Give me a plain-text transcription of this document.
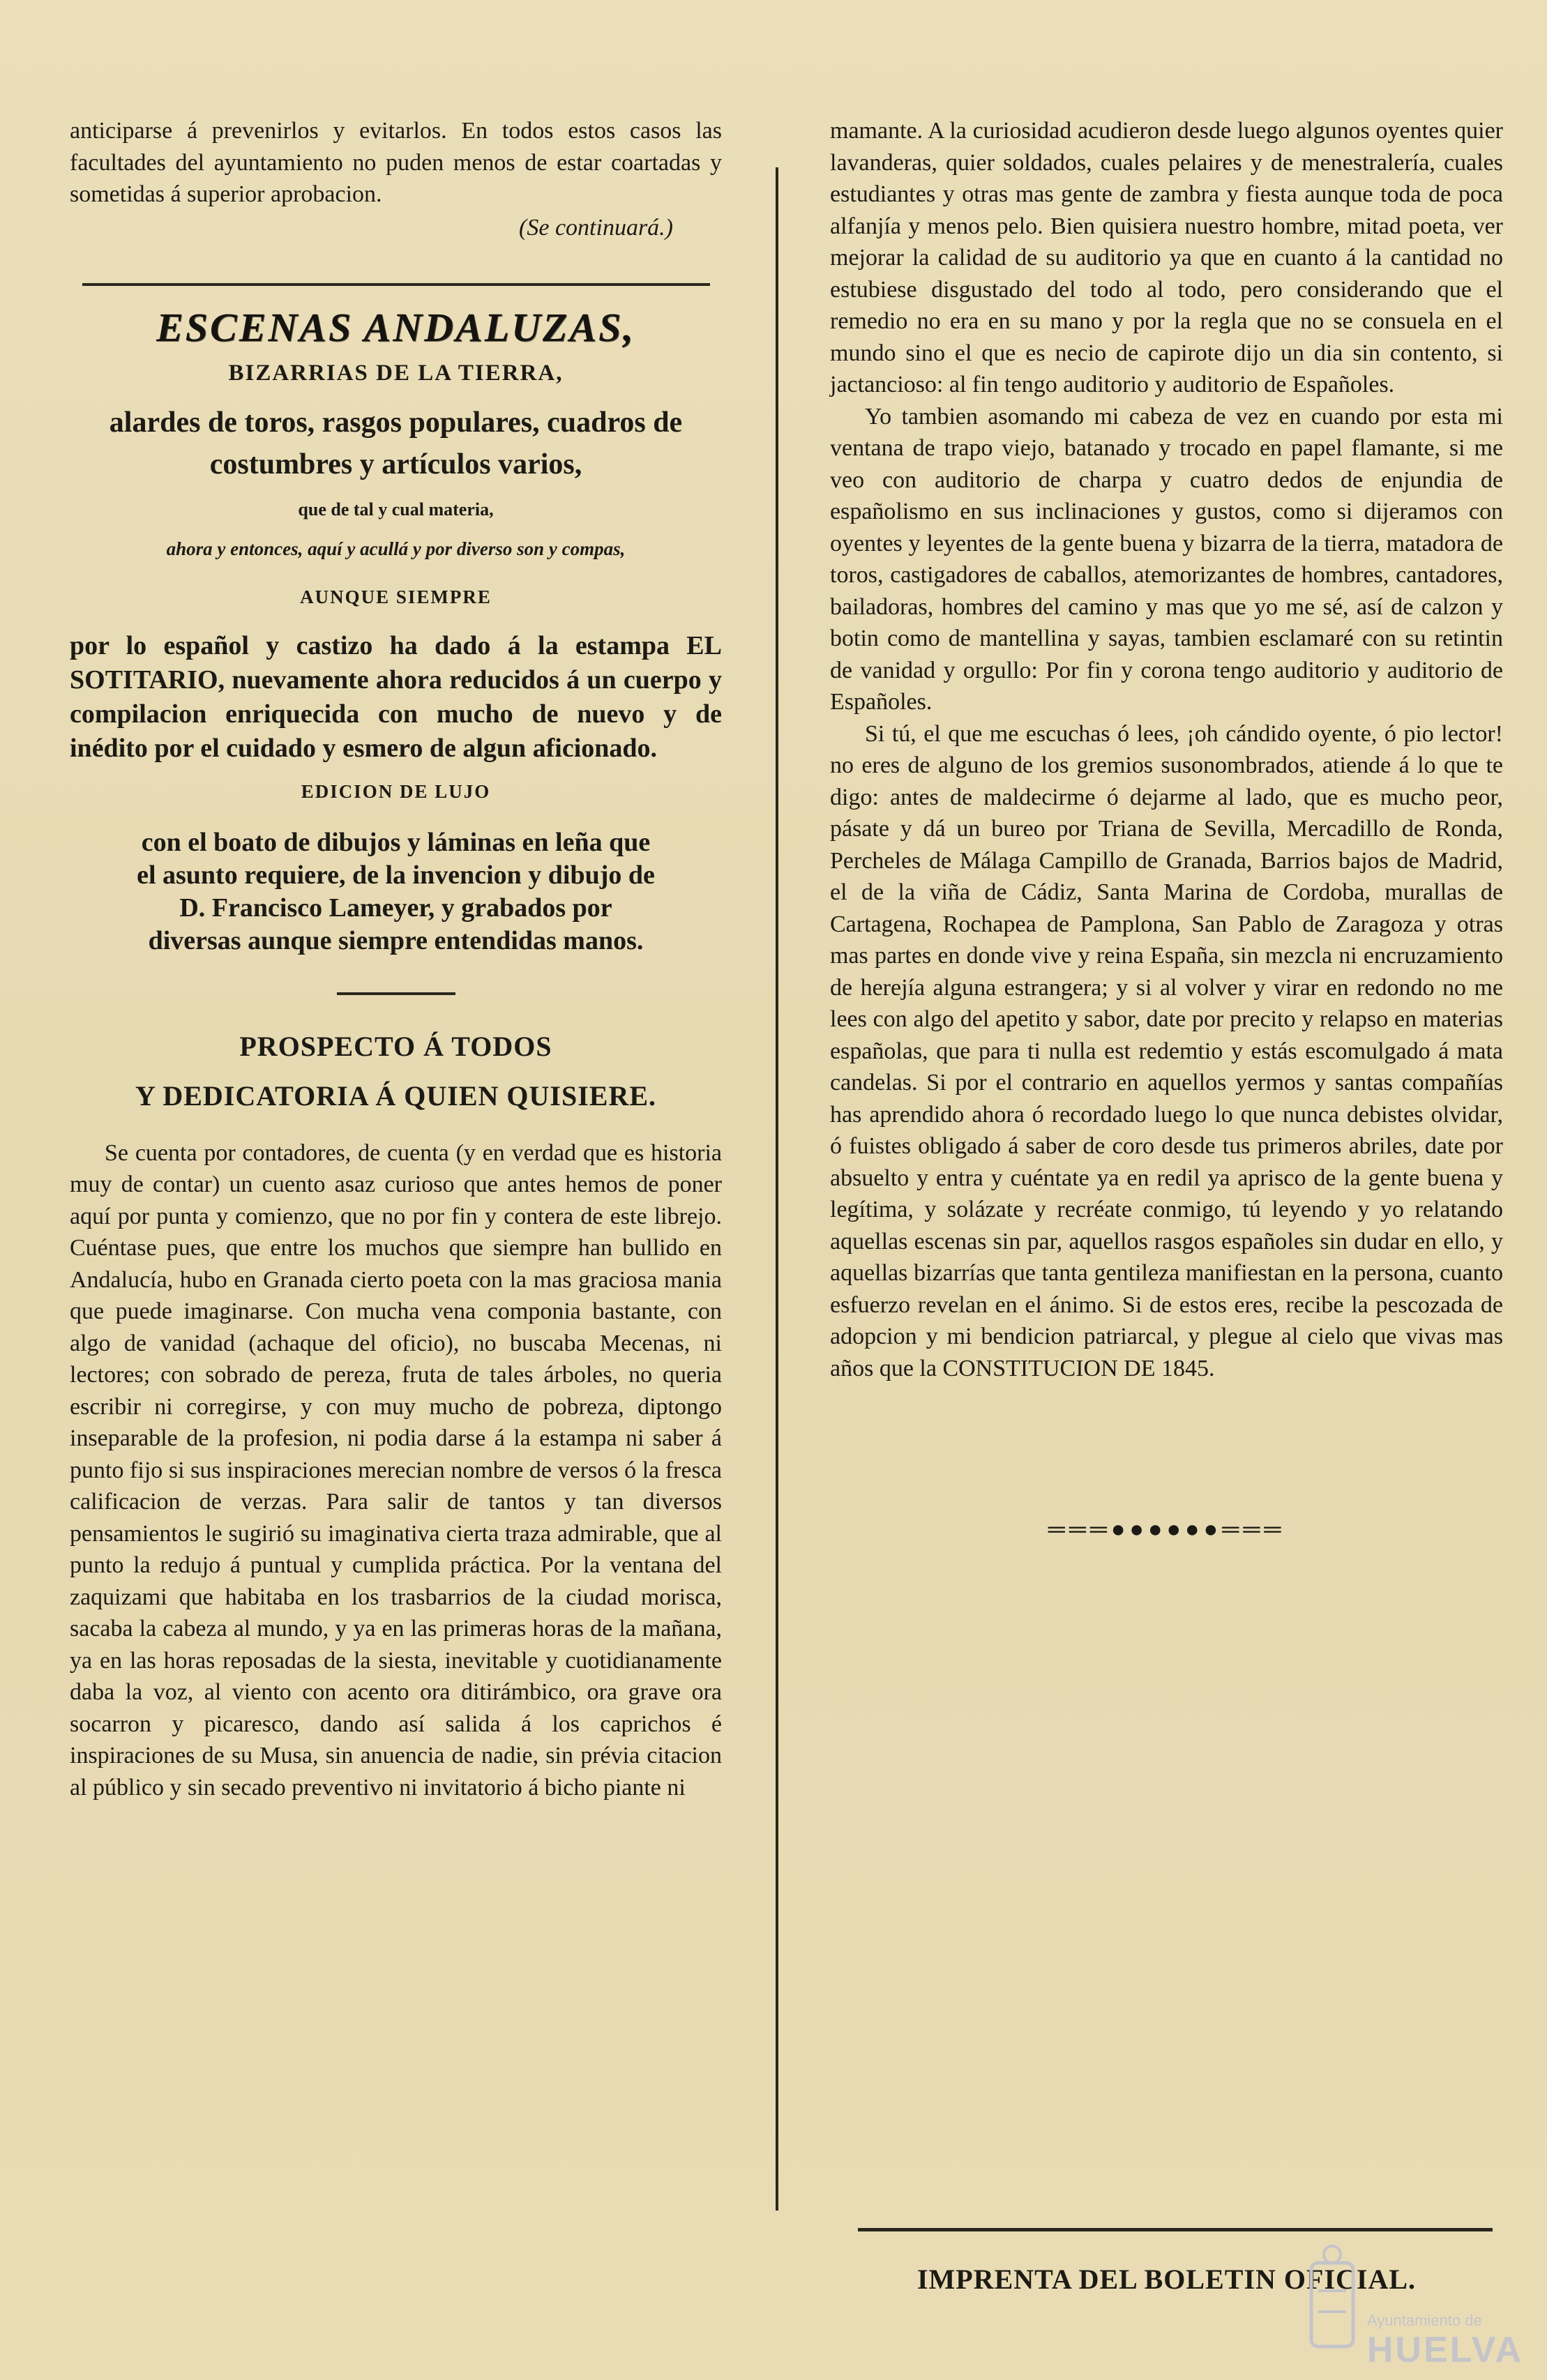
anticiparse á prevenirlos y evitarlos. En todos estos casos las facultades del ayuntamiento no puden menos de estar coartadas y sometidas á superior aprobacion.

(Se continuará.)

ESCENAS ANDALUZAS,
BIZARRIAS DE LA TIERRA,
alardes de toros, rasgos populares, cuadros de costumbres y artículos varios,
que de tal y cual materia,
ahora y entonces, aquí y acullá y por diverso son y compas,
AUNQUE SIEMPRE

por lo español y castizo ha dado á la estampa EL SOTITARIO, nuevamente ahora reducidos á un cuerpo y compilacion enriquecida con mucho de nuevo y de inédito por el cuidado y esmero de algun aficionado.

EDICION DE LUJO

con el boato de dibujos y láminas en leña que el asunto requiere, de la invencion y dibujo de D. Francisco Lameyer, y grabados por diversas aunque siempre entendidas manos.

PROSPECTO Á TODOS
Y DEDICATORIA Á QUIEN QUISIERE.

Se cuenta por contadores, de cuenta (y en verdad que es historia muy de contar) un cuento asaz curioso que antes hemos de poner aquí por punta y comienzo, que no por fin y contera de este librejo. Cuéntase pues, que entre los muchos que siempre han bullido en Andalucía, hubo en Granada cierto poeta con la mas graciosa mania que puede imaginarse. Con mucha vena componia bastante, con algo de vanidad (achaque del oficio), no buscaba Mecenas, ni lectores; con sobrado de pereza, fruta de tales árboles, no queria escribir ni corregirse, y con muy mucho de pobreza, diptongo inseparable de la profesion, ni podia darse á la estampa ni saber á punto fijo si sus inspiraciones merecian nombre de versos ó la fresca calificacion de verzas. Para salir de tantos y tan diversos pensamientos le sugirió su imaginativa cierta traza admirable, que al punto la redujo á puntual y cumplida práctica. Por la ventana del zaquizami que habitaba en los trasbarrios de la ciudad morisca, sacaba la cabeza al mundo, y ya en las primeras horas de la mañana, ya en las horas reposadas de la siesta, inevitable y cuotidianamente daba la voz, al viento con acento ora ditirámbico, ora grave ora socarron y picaresco, dando así salida á los caprichos é inspiraciones de su Musa, sin anuencia de nadie, sin prévia citacion al público y sin secado preventivo ni invitatorio á bicho piante ni

mamante. A la curiosidad acudieron desde luego algunos oyentes quier lavanderas, quier soldados, cuales pelaires y de menestralería, cuales estudiantes y otras mas gente de zambra y fiesta aunque toda de poca alfanjía y menos pelo. Bien quisiera nuestro hombre, mitad poeta, ver mejorar la calidad de su auditorio ya que en cuanto á la cantidad no estubiese disgustado del todo al todo, pero considerando que el remedio no era en su mano y por la regla que no se consuela en el mundo sino el que es necio de capirote dijo un dia sin contento, si jactancioso: al fin tengo auditorio y auditorio de Españoles.

Yo tambien asomando mi cabeza de vez en cuando por esta mi ventana de trapo viejo, batanado y trocado en papel flamante, si me veo con auditorio de charpa y cuatro dedos de enjundia de españolismo en sus inclinaciones y gustos, como si dijeramos con oyentes y leyentes de la gente buena y bizarra de la tierra, matadora de toros, castigadores de caballos, atemorizantes de hombres, cantadores, bailadoras, hombres del camino y mas que yo me sé, así de calzon y botin como de mantellina y sayas, tambien esclamaré con su retintin de vanidad y orgullo: Por fin y corona tengo auditorio y auditorio de Españoles.

Si tú, el que me escuchas ó lees, ¡oh cándido oyente, ó pio lector! no eres de alguno de los gremios susonombrados, atiende á lo que te digo: antes de maldecirme ó dejarme al lado, que es mucho peor, pásate y dá un bureo por Triana de Sevilla, Mercadillo de Ronda, Percheles de Málaga Campillo de Granada, Barrios bajos de Madrid, el de la viña de Cádiz, Santa Marina de Cordoba, murallas de Cartagena, Rochapea de Pamplona, San Pablo de Zaragoza y otras mas partes en donde vive y reina España, sin mezcla ni encruzamiento de herejía alguna estrangera; y si al volver y virar en redondo no me lees con algo del apetito y sabor, date por precito y relapso en materias españolas, que para ti nulla est redemtio y estás escomulgado á mata candelas. Si por el contrario en aquellos yermos y santas compañías has aprendido ahora ó recordado luego lo que nunca debistes olvidar, ó fuistes obligado á saber de coro desde tus primeros abriles, date por absuelto y entra y cuéntate ya en redil ya aprisco de la gente buena y legítima, y solázate y recréate conmigo, tú leyendo y yo relatando aquellas escenas sin par, aquellos rasgos españoles sin dudar en ello, y aquellas bizarrías que tanta gentileza manifiestan en la persona, cuanto esfuerzo revelan en el ánimo. Si de estos eres, recibe la pescozada de adopcion y mi bendicion patriarcal, y plegue al cielo que vivas mas años que la CONSTITUCION DE 1845.

═══●●●●●●═══
IMPRENTA DEL BOLETIN OFICIAL.
Ayuntamiento de
HUELVA
